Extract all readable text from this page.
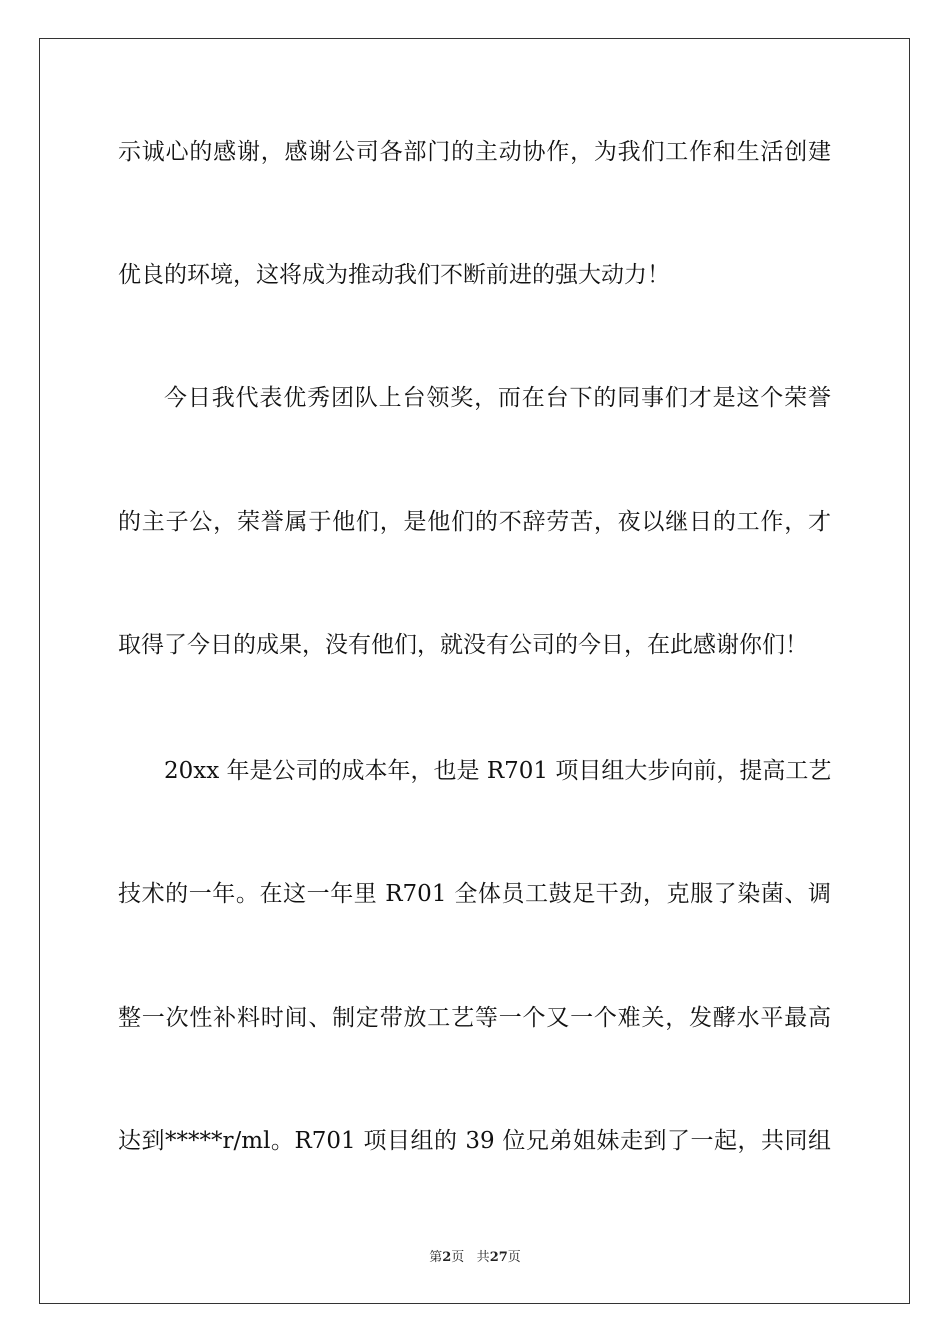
示诚心的感谢，感谢公司各部门的主动协作，为我们工作和生活创建
优良的环境，这将成为推动我们不断前进的强大动力！
今日我代表优秀团队上台领奖，而在台下的同事们才是这个荣誉
的主子公，荣誉属于他们，是他们的不辞劳苦，夜以继日的工作，才
取得了今日的成果，没有他们，就没有公司的今日，在此感谢你们！
20xx 年是公司的成本年，也是 R701 项目组大步向前，提高工艺
技术的一年。在这一年里 R701 全体员工鼓足干劲，克服了染菌、调
整一次性补料时间、制定带放工艺等一个又一个难关，发酵水平最高
达到*****r/ml。R701 项目组的 39 位兄弟姐妹走到了一起，共同组
第2页 共27页
